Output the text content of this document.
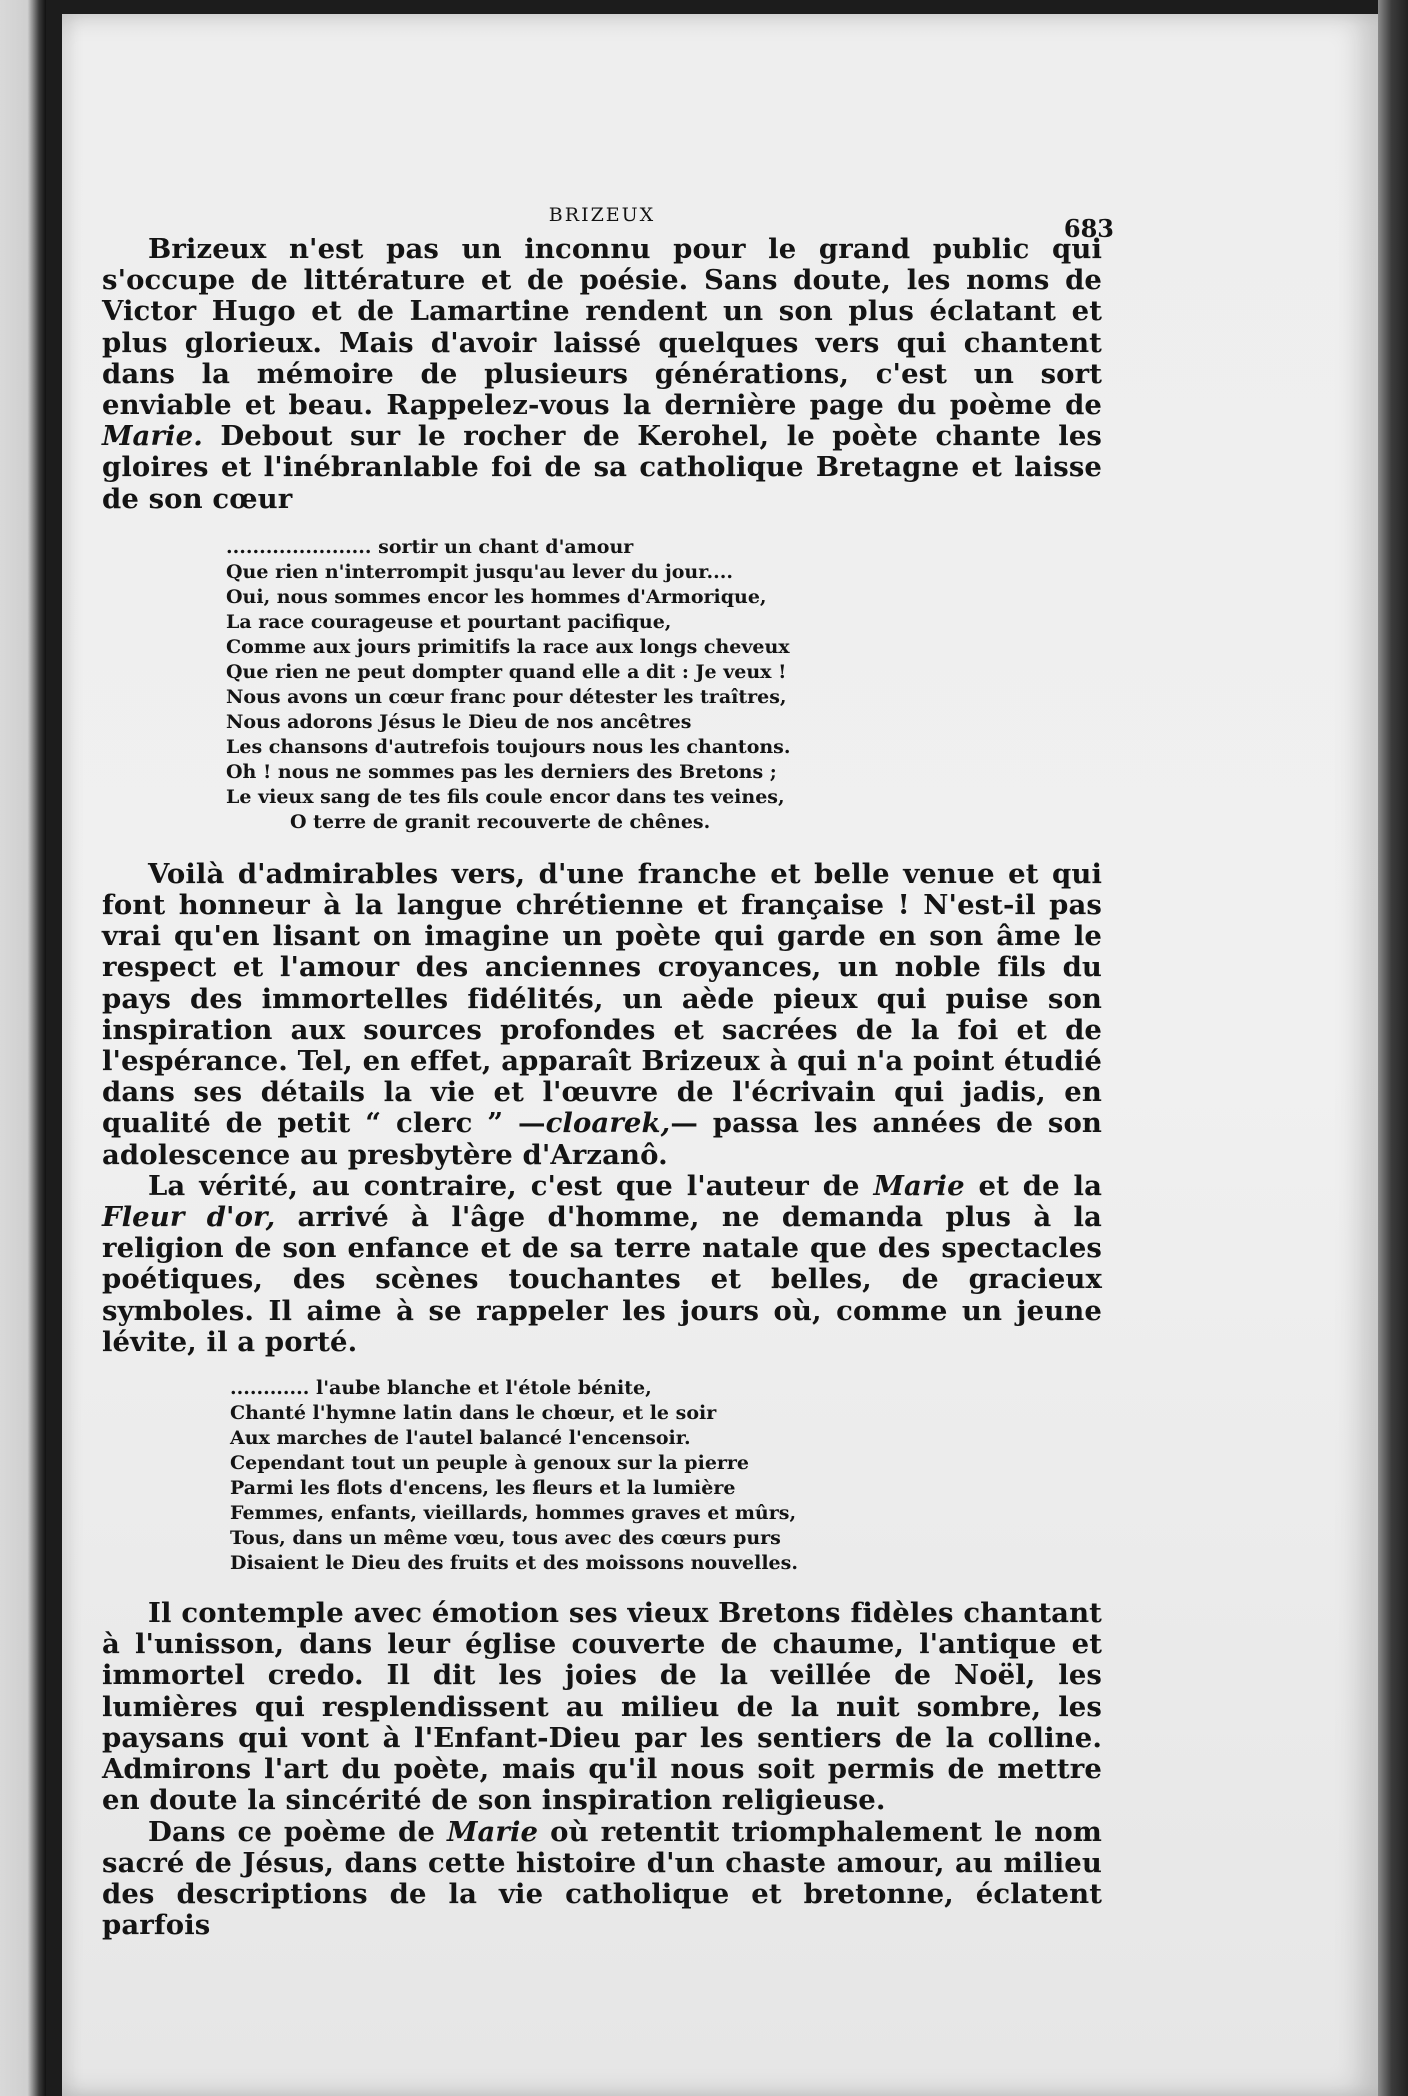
BRIZEUX	683

Brizeux n'est pas un inconnu pour le grand public qui s'occupe de littérature et de poésie. Sans doute, les noms de Victor Hugo et de Lamartine rendent un son plus éclatant et plus glorieux. Mais d'avoir laissé quelques vers qui chantent dans la mémoire de plusieurs générations, c'est un sort enviable et beau. Rappelez-vous la dernière page du poème de Marie. Debout sur le rocher de Kerohel, le poète chante les gloires et l'inébranlable foi de sa catholique Bretagne et laisse de son cœur

...................... sortir un chant d'amour
Que rien n'interrompit jusqu'au lever du jour....
Oui, nous sommes encor les hommes d'Armorique,
La race courageuse et pourtant pacifique,
Comme aux jours primitifs la race aux longs cheveux
Que rien ne peut dompter quand elle a dit : Je veux !
Nous avons un cœur franc pour détester les traîtres,
Nous adorons Jésus le Dieu de nos ancêtres
Les chansons d'autrefois toujours nous les chantons.
Oh ! nous ne sommes pas les derniers des Bretons ;
Le vieux sang de tes fils coule encor dans tes veines,
O terre de granit recouverte de chênes.

Voilà d'admirables vers, d'une franche et belle venue et qui font honneur à la langue chrétienne et française ! N'est-il pas vrai qu'en lisant on imagine un poète qui garde en son âme le respect et l'amour des anciennes croyances, un noble fils du pays des immortelles fidélités, un aède pieux qui puise son inspiration aux sources profondes et sacrées de la foi et de l'espérance. Tel, en effet, apparaît Brizeux à qui n'a point étudié dans ses détails la vie et l'œuvre de l'écrivain qui jadis, en qualité de petit “ clerc ” —cloarek,— passa les années de son adolescence au presbytère d'Arzanô.

La vérité, au contraire, c'est que l'auteur de Marie et de la Fleur d'or, arrivé à l'âge d'homme, ne demanda plus à la religion de son enfance et de sa terre natale que des spectacles poétiques, des scènes touchantes et belles, de gracieux symboles. Il aime à se rappeler les jours où, comme un jeune lévite, il a porté.

............ l'aube blanche et l'étole bénite,
Chanté l'hymne latin dans le chœur, et le soir
Aux marches de l'autel balancé l'encensoir.
Cependant tout un peuple à genoux sur la pierre
Parmi les flots d'encens, les fleurs et la lumière
Femmes, enfants, vieillards, hommes graves et mûrs,
Tous, dans un même vœu, tous avec des cœurs purs
Disaient le Dieu des fruits et des moissons nouvelles.

Il contemple avec émotion ses vieux Bretons fidèles chantant à l'unisson, dans leur église couverte de chaume, l'antique et immortel credo. Il dit les joies de la veillée de Noël, les lumières qui resplendissent au milieu de la nuit sombre, les paysans qui vont à l'Enfant-Dieu par les sentiers de la colline. Admirons l'art du poète, mais qu'il nous soit permis de mettre en doute la sincérité de son inspiration religieuse.

Dans ce poème de Marie où retentit triomphalement le nom sacré de Jésus, dans cette histoire d'un chaste amour, au milieu des descriptions de la vie catholique et bretonne, éclatent parfois
